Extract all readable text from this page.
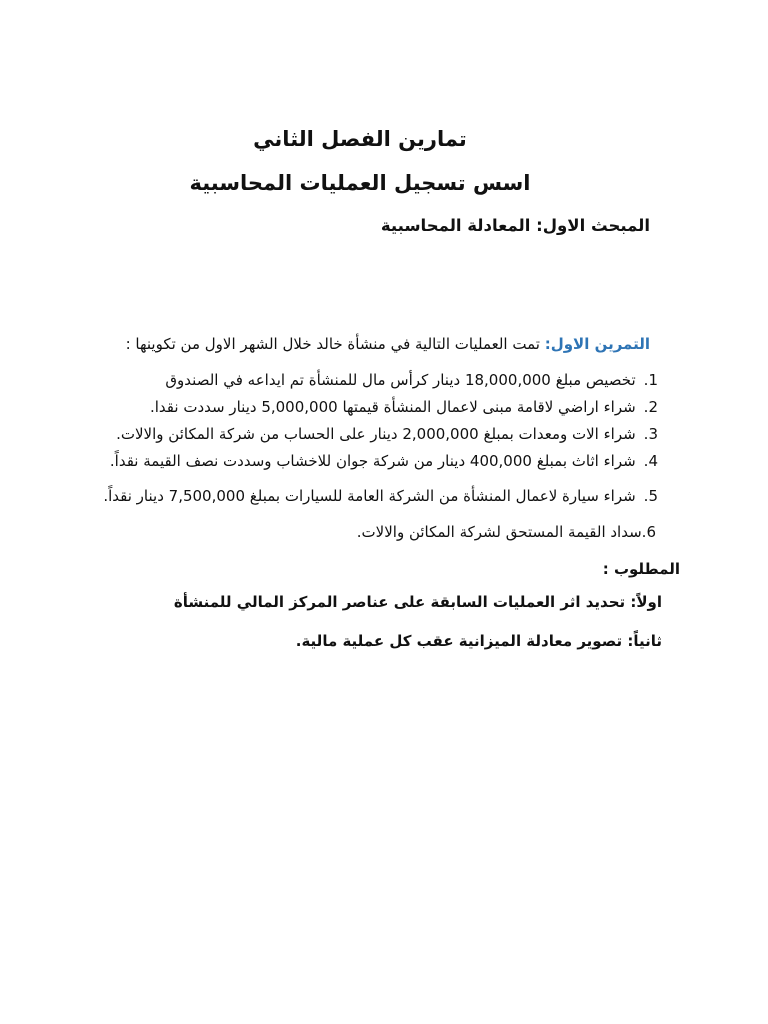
تمارين الفصل الثاني
اسس تسجيل العمليات المحاسبية
المبحث الاول: المعادلة المحاسبية
التمرين الاول: تمت العمليات التالية في منشأة خالد خلال الشهر الاول من تكوينها :
1.تخصيص مبلغ 18,000,000 دينار كرأس مال للمنشأة تم ايداعه في الصندوق
2.شراء اراضي لاقامة مبنى لاعمال المنشأة قيمتها 5,000,000 دينار سددت نقدا.
3.شراء الات ومعدات بمبلغ 2,000,000 دينار على الحساب من شركة المكائن والالات.
4.شراء اثاث بمبلغ 400,000 دينار من شركة جوان للاخشاب وسددت نصف القيمة نقداً.
5.شراء سيارة لاعمال المنشأة من الشركة العامة للسيارات بمبلغ 7,500,000 دينار نقداً.
6.سداد القيمة المستحق لشركة المكائن والالات.
المطلوب :
اولاً: تحديد اثر العمليات السابقة على عناصر المركز المالي للمنشأة
ثانياً: تصوير معادلة الميزانية عقب كل عملية مالية.
